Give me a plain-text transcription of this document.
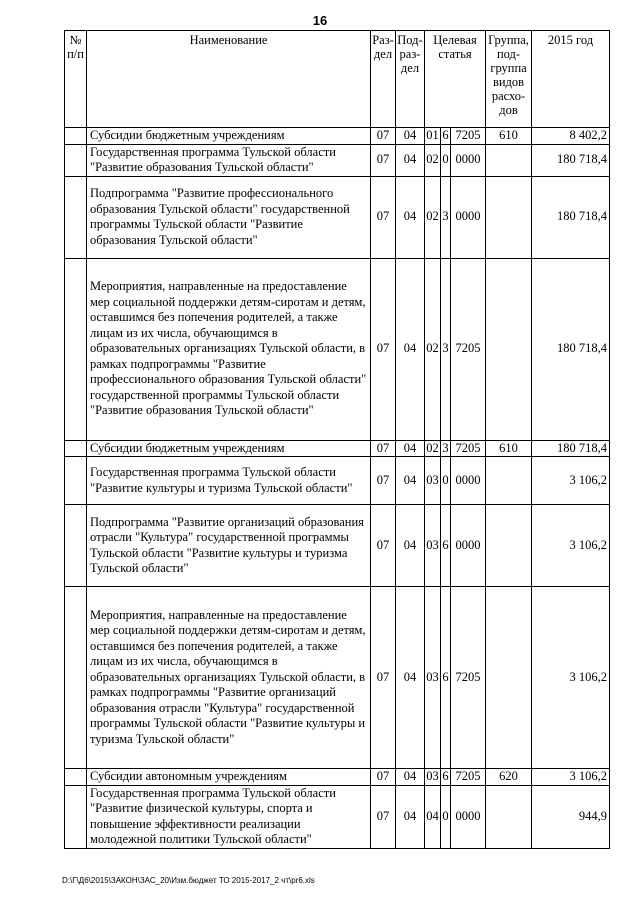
16
№ п/п	Наименование	Раз- дел	Под- раз- дел	Целевая статья			Группа, под- группа видов расхо- дов	2015 год
	Субсидии бюджетным учреждениям	07	04	01	6	7205	610	8 402,2
	Государственная программа Тульской области "Развитие образования Тульской области"	07	04	02	0	0000		180 718,4
	Подпрограмма "Развитие профессионального образования Тульской области" государственной программы Тульской области "Развитие образования Тульской области"	07	04	02	3	0000		180 718,4
	Мероприятия, направленные на предоставление мер социальной поддержки детям-сиротам и детям, оставшимся без попечения родителей, а также лицам из их числа, обучающимся в образовательных организациях Тульской области, в рамках подпрограммы "Развитие профессионального образования Тульской области" государственной программы Тульской области "Развитие образования Тульской области"	07	04	02	3	7205		180 718,4
	Субсидии бюджетным учреждениям	07	04	02	3	7205	610	180 718,4
	Государственная программа Тульской области "Развитие культуры и туризма Тульской области"	07	04	03	0	0000		3 106,2
	Подпрограмма "Развитие организаций образования отрасли "Культура" государственной программы Тульской области "Развитие культуры и туризма Тульской области"	07	04	03	6	0000		3 106,2
	Мероприятия, направленные на предоставление мер социальной поддержки детям-сиротам и детям, оставшимся без попечения родителей, а также лицам из их числа, обучающимся в образовательных организациях Тульской области, в рамках подпрограммы "Развитие организаций образования отрасли "Культура" государственной программы Тульской области "Развитие культуры и туризма Тульской области"	07	04	03	6	7205		3 106,2
	Субсидии автономным учреждениям	07	04	03	6	7205	620	3 106,2
	Государственная программа Тульской области "Развитие физической культуры, спорта и повышение эффективности реализации молодежной политики Тульской области"	07	04	04	0	0000		944,9
D:\Г\Д6\2015\ЗАКОН\ЗАС_20\Изм.бюджет ТО 2015-2017_2 чт\pr6.xls
